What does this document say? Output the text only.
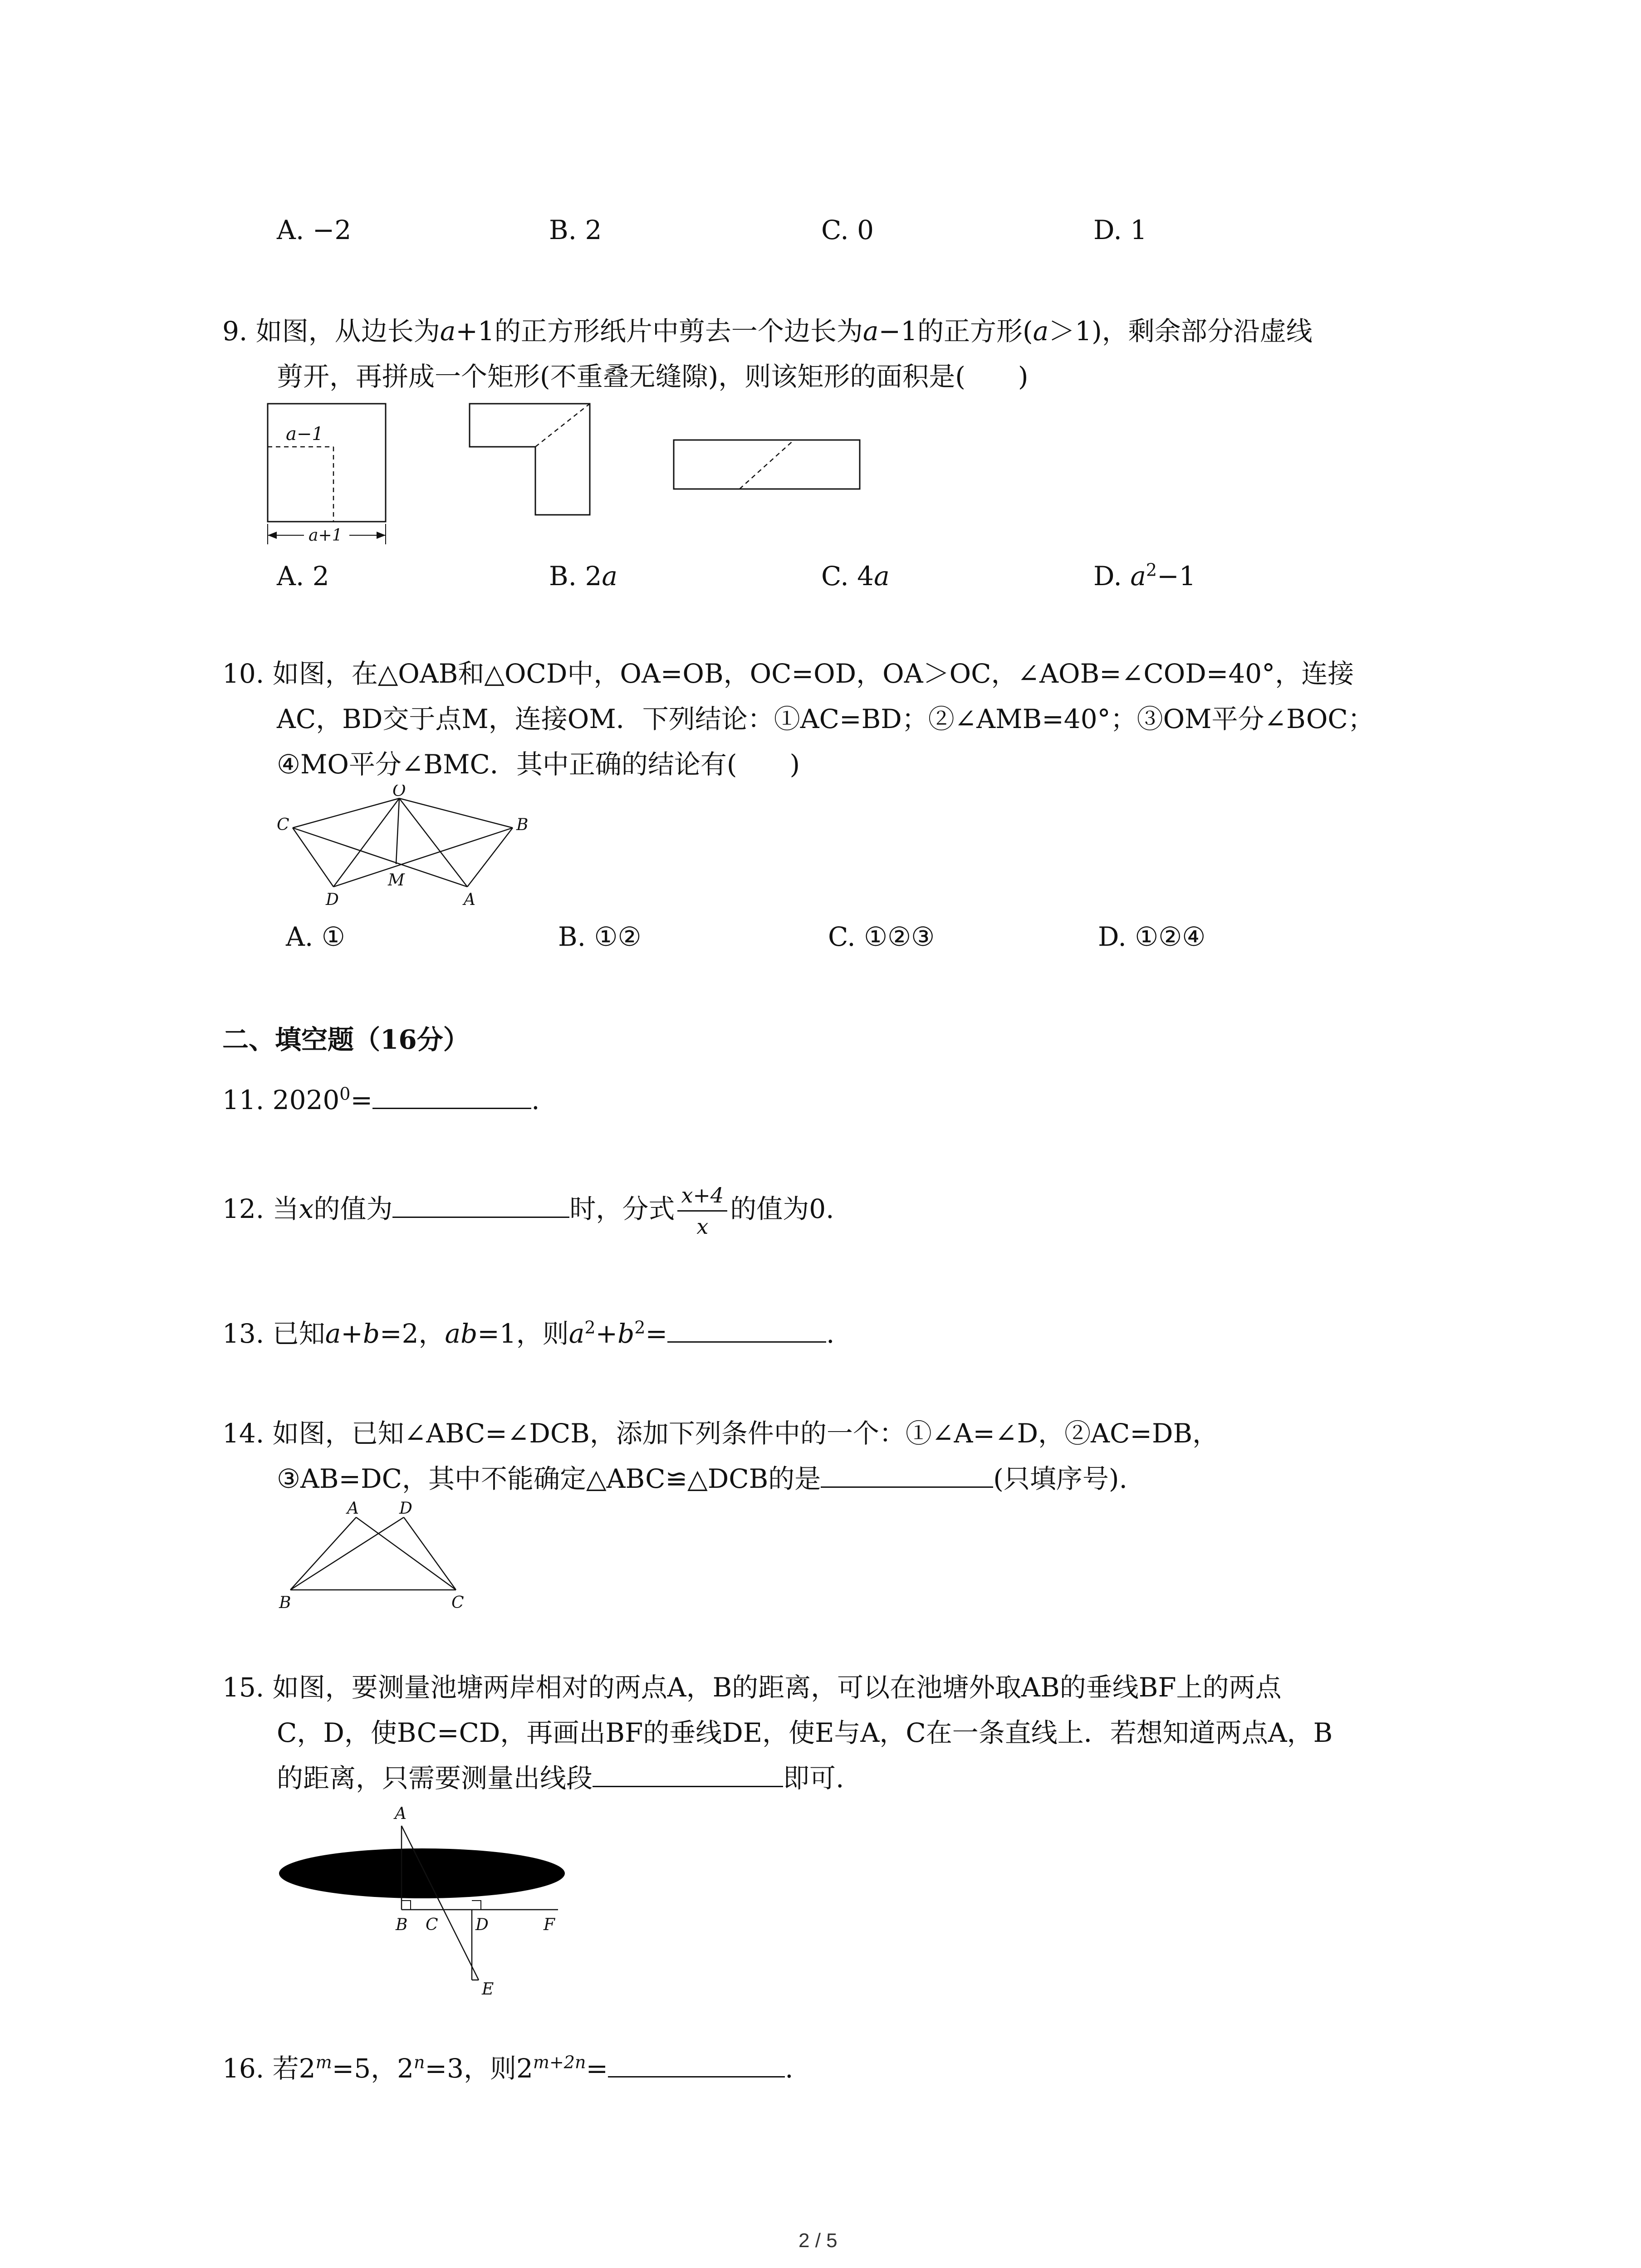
A. −2	B. 2	C. 0	D. 1
9. 如图，从边长为a+1的正方形纸片中剪去一个边长为a−1的正方形(a＞1)，剩余部分沿虚线
剪开，再拼成一个矩形(不重叠无缝隙)，则该矩形的面积是(　　)
a−1
a+1
A. 2	B. 2a	C. 4a	D. $a^2-1$
10. 如图，在△OAB和△OCD中，OA=OB，OC=OD，OA＞OC，∠AOB=∠COD=40°，连接
AC，BD交于点M，连接OM．下列结论：①AC=BD；②∠AMB=40°；③OM平分∠BOC；
④MO平分∠BMC．其中正确的结论有(　　)
O
C	B
D
M
A
A. ①	B. ①②	C. ①②③	D. ①②④
二、填空题（16分）
11. $2020^0=$	.
12. 当x的值为	时，分式 $\frac{x+4}{x}$ 的值为0.
13. 已知a+b=2，ab=1，则$a^2+b^2=$	.
14. 如图，已知∠ABC=∠DCB，添加下列条件中的一个：①∠A=∠D，②AC=DB，
③AB=DC，其中不能确定△ABC≌△DCB的是	(只填序号).
A D
B	C
15. 如图，要测量池塘两岸相对的两点A，B的距离，可以在池塘外取AB的垂线BF上的两点
C，D，使BC=CD，再画出BF的垂线DE，使E与A，C在一条直线上．若想知道两点A，B
的距离，只需要测量出线段	即可.
A
B C D	F
E
16. 若$2^m=5$，$2^n=3$，则$2^{m+2n}=$	.
2 / 5
